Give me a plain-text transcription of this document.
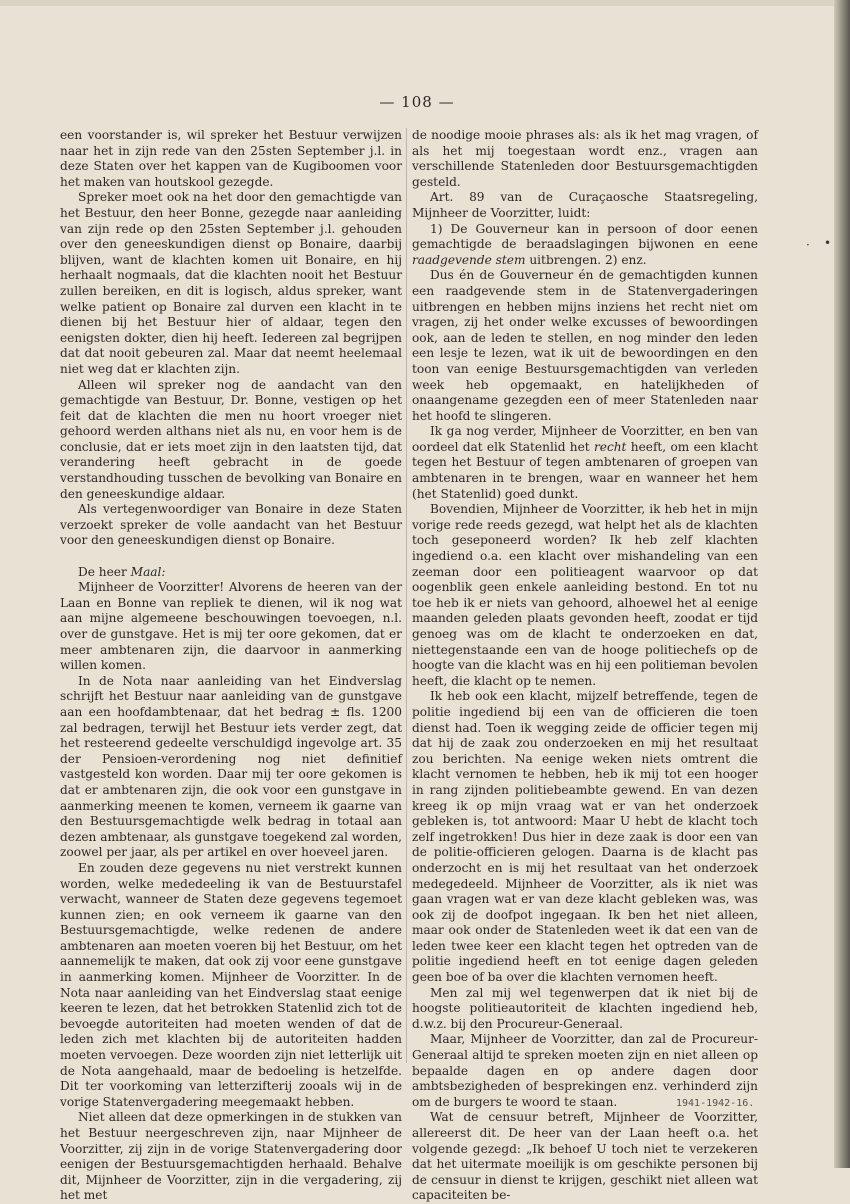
— 108 —

een voorstander is, wil spreker het Bestuur verwijzen naar het in zijn rede van den 25sten September j.l. in deze Staten over het kappen van de Kugiboomen voor het maken van houtskool gezegde.

Spreker moet ook na het door den gemachtigde van het Bestuur, den heer Bonne, gezegde naar aanleiding van zijn rede op den 25sten September j.l. gehouden over den geneeskundigen dienst op Bonaire, daarbij blijven, want de klachten komen uit Bonaire, en hij herhaalt nogmaals, dat die klachten nooit het Bestuur zullen bereiken, en dit is logisch, aldus spreker, want welke patient op Bonaire zal durven een klacht in te dienen bij het Bestuur hier of aldaar, tegen den eenigsten dokter, dien hij heeft. Iedereen zal begrijpen dat dat nooit gebeuren zal. Maar dat neemt heelemaal niet weg dat er klachten zijn.

Alleen wil spreker nog de aandacht van den gemachtigde van Bestuur, Dr. Bonne, vestigen op het feit dat de klachten die men nu hoort vroeger niet gehoord werden althans niet als nu, en voor hem is de conclusie, dat er iets moet zijn in den laatsten tijd, dat verandering heeft gebracht in de goede verstandhouding tusschen de bevolking van Bonaire en den geneeskundige aldaar.

Als vertegenwoordiger van Bonaire in deze Staten verzoekt spreker de volle aandacht van het Bestuur voor den geneeskundigen dienst op Bonaire.

De heer Maal:

Mijnheer de Voorzitter! Alvorens de heeren van der Laan en Bonne van repliek te dienen, wil ik nog wat aan mijne algemeene beschouwingen toevoegen, n.l. over de gunstgave. Het is mij ter oore gekomen, dat er meer ambtenaren zijn, die daarvoor in aanmerking willen komen.

In de Nota naar aanleiding van het Eindverslag schrijft het Bestuur naar aanleiding van de gunstgave aan een hoofdambtenaar, dat het bedrag ± fls. 1200 zal bedragen, terwijl het Bestuur iets verder zegt, dat het resteerend gedeelte verschuldigd ingevolge art. 35 der Pensioen-verordening nog niet definitief vastgesteld kon worden. Daar mij ter oore gekomen is dat er ambtenaren zijn, die ook voor een gunstgave in aanmerking meenen te komen, verneem ik gaarne van den Bestuursgemachtigde welk bedrag in totaal aan dezen ambtenaar, als gunstgave toegekend zal worden, zoowel per jaar, als per artikel en over hoeveel jaren.

En zouden deze gegevens nu niet verstrekt kunnen worden, welke mededeeling ik van de Bestuurstafel verwacht, wanneer de Staten deze gegevens tegemoet kunnen zien; en ook verneem ik gaarne van den Bestuursgemachtigde, welke redenen de andere ambtenaren aan moeten voeren bij het Bestuur, om het aannemelijk te maken, dat ook zij voor eene gunstgave in aanmerking komen. Mijnheer de Voorzitter. In de Nota naar aanleiding van het Eindverslag staat eenige keeren te lezen, dat het betrokken Statenlid zich tot de bevoegde autoriteiten had moeten wenden of dat de leden zich met klachten bij de autoriteiten hadden moeten vervoegen. Deze woorden zijn niet letterlijk uit de Nota aangehaald, maar de bedoeling is hetzelfde. Dit ter voorkoming van letterzifterij zooals wij in de vorige Statenvergadering meegemaakt hebben.

Niet alleen dat deze opmerkingen in de stukken van het Bestuur neergeschreven zijn, naar Mijnheer de Voorzitter, zij zijn in de vorige Statenvergadering door eenigen der Bestuursgemachtigden herhaald. Behalve dit, Mijnheer de Voorzitter, zijn in die vergadering, zij het met

de noodige mooie phrases als: als ik het mag vragen, of als het mij toegestaan wordt enz., vragen aan verschillende Statenleden door Bestuursgemachtigden gesteld.

Art. 89 van de Curaçaosche Staatsregeling, Mijnheer de Voorzitter, luidt:

1) De Gouverneur kan in persoon of door eenen gemachtigde de beraadslagingen bijwonen en eene raadgevende stem uitbrengen. 2) enz.

Dus én de Gouverneur én de gemachtigden kunnen een raadgevende stem in de Statenvergaderingen uitbrengen en hebben mijns inziens het recht niet om vragen, zij het onder welke excusses of bewoordingen ook, aan de leden te stellen, en nog minder den leden een lesje te lezen, wat ik uit de bewoordingen en den toon van eenige Bestuursgemachtigden van verleden week heb opgemaakt, en hatelijkheden of onaangename gezegden een of meer Statenleden naar het hoofd te slingeren.

Ik ga nog verder, Mijnheer de Voorzitter, en ben van oordeel dat elk Statenlid het recht heeft, om een klacht tegen het Bestuur of tegen ambtenaren of groepen van ambtenaren in te brengen, waar en wanneer het hem (het Statenlid) goed dunkt.

Bovendien, Mijnheer de Voorzitter, ik heb het in mijn vorige rede reeds gezegd, wat helpt het als de klachten toch geseponeerd worden? Ik heb zelf klachten ingediend o.a. een klacht over mishandeling van een zeeman door een politieagent waarvoor op dat oogenblik geen enkele aanleiding bestond. En tot nu toe heb ik er niets van gehoord, alhoewel het al eenige maanden geleden plaats gevonden heeft, zoodat er tijd genoeg was om de klacht te onderzoeken en dat, niettegenstaande een van de hooge politiechefs op de hoogte van die klacht was en hij een politieman bevolen heeft, die klacht op te nemen.

Ik heb ook een klacht, mijzelf betreffende, tegen de politie ingediend bij een van de officieren die toen dienst had. Toen ik wegging zeide de officier tegen mij dat hij de zaak zou onderzoeken en mij het resultaat zou berichten. Na eenige weken niets omtrent die klacht vernomen te hebben, heb ik mij tot een hooger in rang zijnden politiebeambte gewend. En van dezen kreeg ik op mijn vraag wat er van het onderzoek gebleken is, tot antwoord: Maar U hebt de klacht toch zelf ingetrokken! Dus hier in deze zaak is door een van de politie-officieren gelogen. Daarna is de klacht pas onderzocht en is mij het resultaat van het onderzoek medegedeeld. Mijnheer de Voorzitter, als ik niet was gaan vragen wat er van deze klacht gebleken was, was ook zij de doofpot ingegaan. Ik ben het niet alleen, maar ook onder de Statenleden weet ik dat een van de leden twee keer een klacht tegen het optreden van de politie ingediend heeft en tot eenige dagen geleden geen boe of ba over die klachten vernomen heeft.

Men zal mij wel tegenwerpen dat ik niet bij de hoogste politieautoriteit de klachten ingediend heb, d.w.z. bij den Procureur-Generaal.

Maar, Mijnheer de Voorzitter, dan zal de Procureur-Generaal altijd te spreken moeten zijn en niet alleen op bepaalde dagen en op andere dagen door ambtsbezigheden of besprekingen enz. verhinderd zijn om de burgers te woord te staan.

Wat de censuur betreft, Mijnheer de Voorzitter, allereerst dit. De heer van der Laan heeft o.a. het volgende gezegd: „Ik behoef U toch niet te verzekeren dat het uitermate moeilijk is om geschikte personen bij de censuur in dienst te krijgen, geschikt niet alleen wat capaciteiten be-

•
·
1941-1942-16.
